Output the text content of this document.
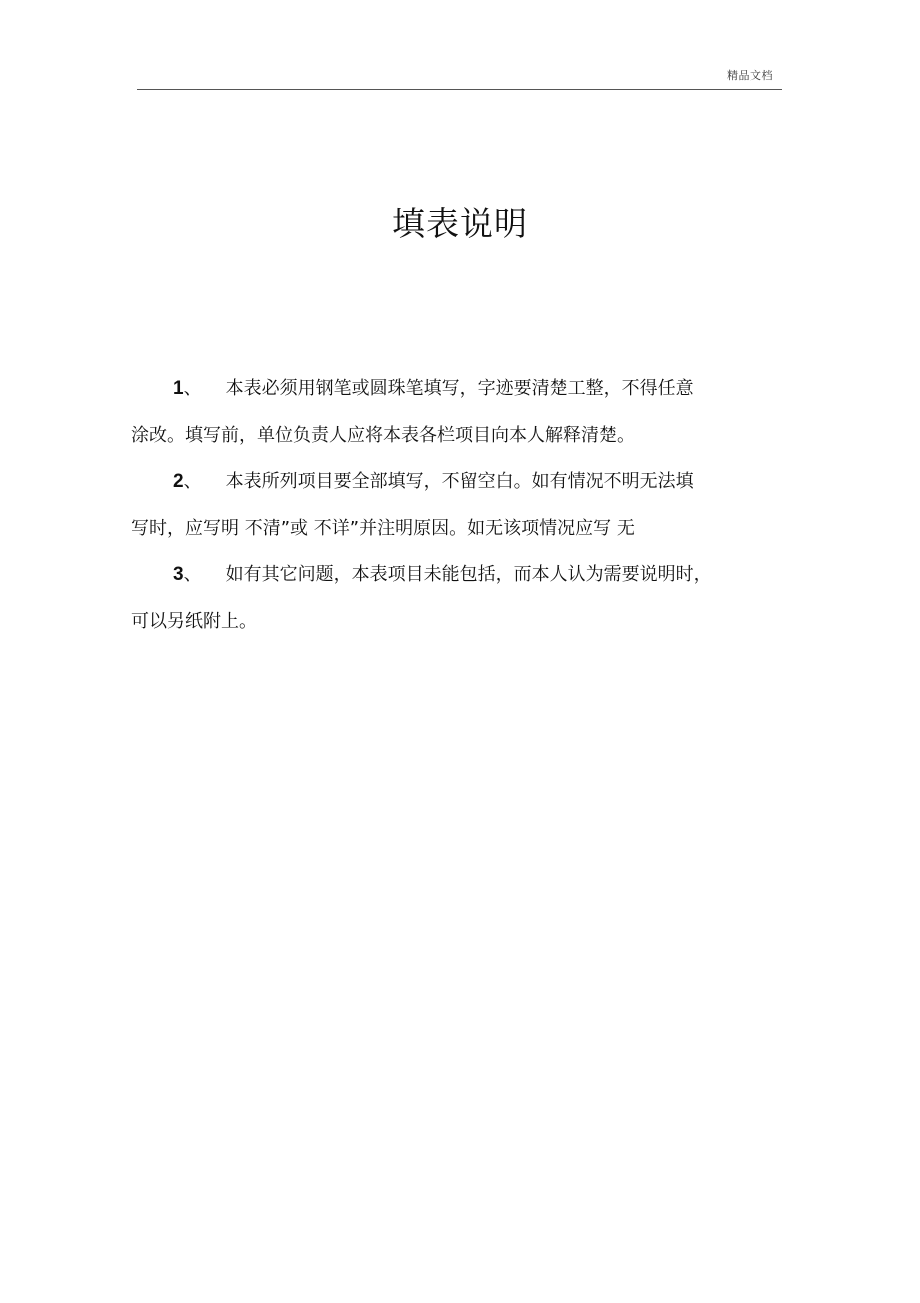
精品文档
填表说明
1、 本表必须用钢笔或圆珠笔填写，字迹要清楚工整，不得任意
涂改。填写前，单位负责人应将本表各栏项目向本人解释清楚。
2、 本表所列项目要全部填写，不留空白。如有情况不明无法填
写时，应写明 不清”或 不详”并注明原因。如无该项情况应写 无
3、 如有其它问题，本表项目未能包括，而本人认为需要说明时，
可以另纸附上。
